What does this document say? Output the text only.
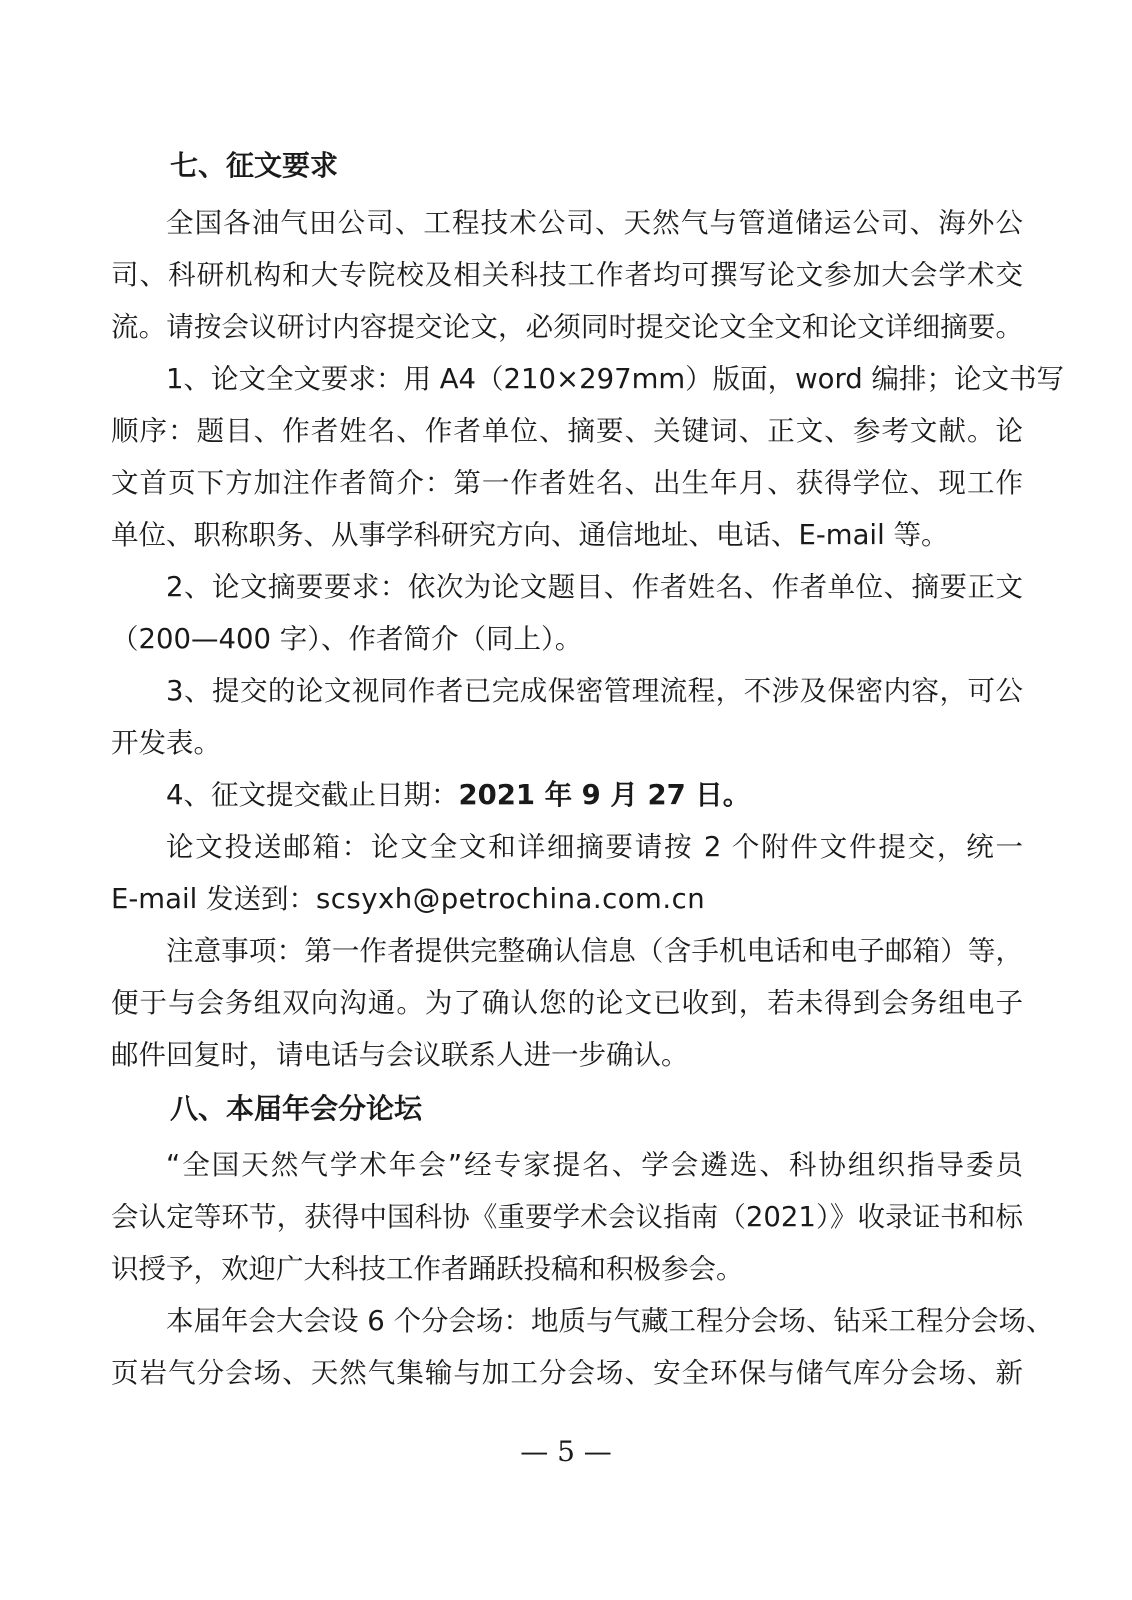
七、征文要求
全国各油气田公司、工程技术公司、天然气与管道储运公司、海外公
司、科研机构和大专院校及相关科技工作者均可撰写论文参加大会学术交
流。请按会议研讨内容提交论文，必须同时提交论文全文和论文详细摘要。
1、论文全文要求：用 A4（210×297mm）版面，word 编排；论文书写
顺序：题目、作者姓名、作者单位、摘要、关键词、正文、参考文献。论
文首页下方加注作者简介：第一作者姓名、出生年月、获得学位、现工作
单位、职称职务、从事学科研究方向、通信地址、电话、E-mail 等。
2、论文摘要要求：依次为论文题目、作者姓名、作者单位、摘要正文
（200—400 字）、作者简介（同上）。
3、提交的论文视同作者已完成保密管理流程，不涉及保密内容，可公
开发表。
4、征文提交截止日期：2021 年 9 月 27 日。
论文投送邮箱：论文全文和详细摘要请按 2 个附件文件提交，统一
E-mail 发送到：scsyxh@petrochina.com.cn
注意事项：第一作者提供完整确认信息（含手机电话和电子邮箱）等，
便于与会务组双向沟通。为了确认您的论文已收到，若未得到会务组电子
邮件回复时，请电话与会议联系人进一步确认。
八、本届年会分论坛
“全国天然气学术年会”经专家提名、学会遴选、科协组织指导委员
会认定等环节，获得中国科协《重要学术会议指南（2021）》收录证书和标
识授予，欢迎广大科技工作者踊跃投稿和积极参会。
本届年会大会设 6 个分会场：地质与气藏工程分会场、钻采工程分会场、
页岩气分会场、天然气集输与加工分会场、安全环保与储气库分会场、新
— 5 —
